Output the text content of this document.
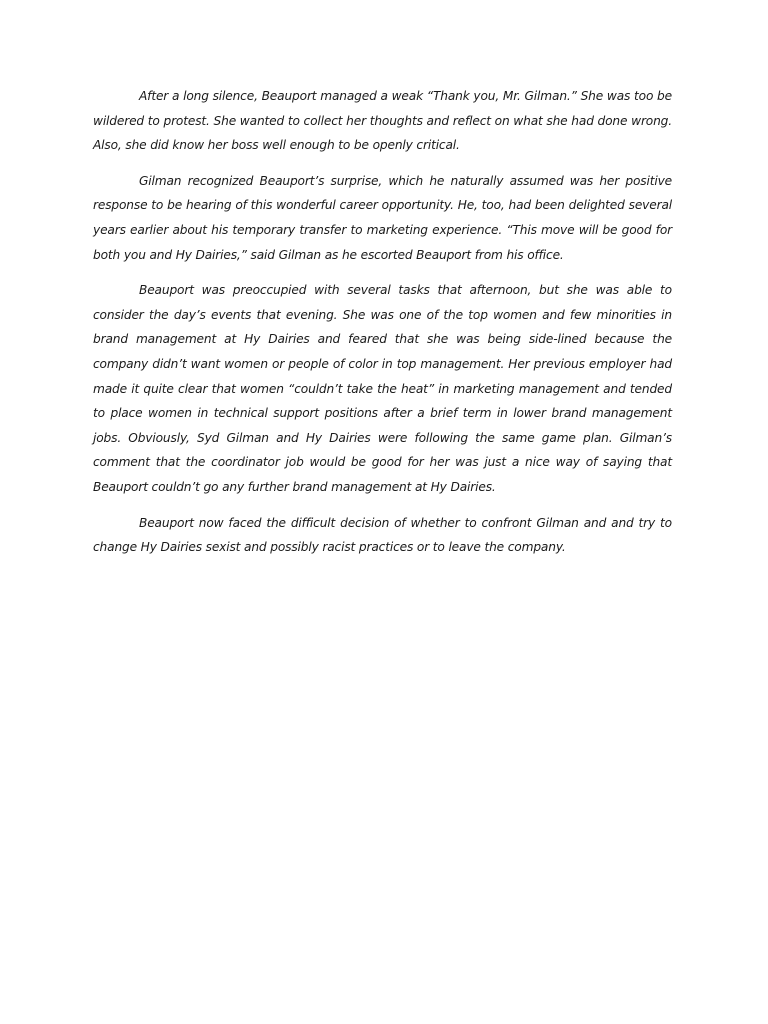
After a long silence, Beauport managed a weak “Thank you, Mr. Gilman.” She was too be wildered to protest. She wanted to collect her thoughts and reflect on what she had done wrong. Also, she did know her boss well enough to be openly critical.

Gilman recognized Beauport’s surprise, which he naturally assumed was her positive response to be hearing of this wonderful career opportunity. He, too, had been delighted several years earlier about his temporary transfer to marketing experience. “This move will be good for both you and Hy Dairies,” said Gilman as he escorted Beauport from his office.

Beauport was preoccupied with several tasks that afternoon, but she was able to consider the day’s events that evening. She was one of the top women and few minorities in brand management at Hy Dairies and feared that she was being side-lined because the company didn’t want women or people of color in top management. Her previous employer had made it quite clear that women “couldn’t take the heat” in marketing management and tended to place women in technical support positions after a brief term in lower brand management jobs. Obviously, Syd Gilman and Hy Dairies were following the same game plan. Gilman’s comment that the coordinator job would be good for her was just a nice way of saying that Beauport couldn’t go any further brand management at Hy Dairies.

Beauport now faced the difficult decision of whether to confront Gilman and and try to change Hy Dairies sexist and possibly racist practices or to leave the company.
